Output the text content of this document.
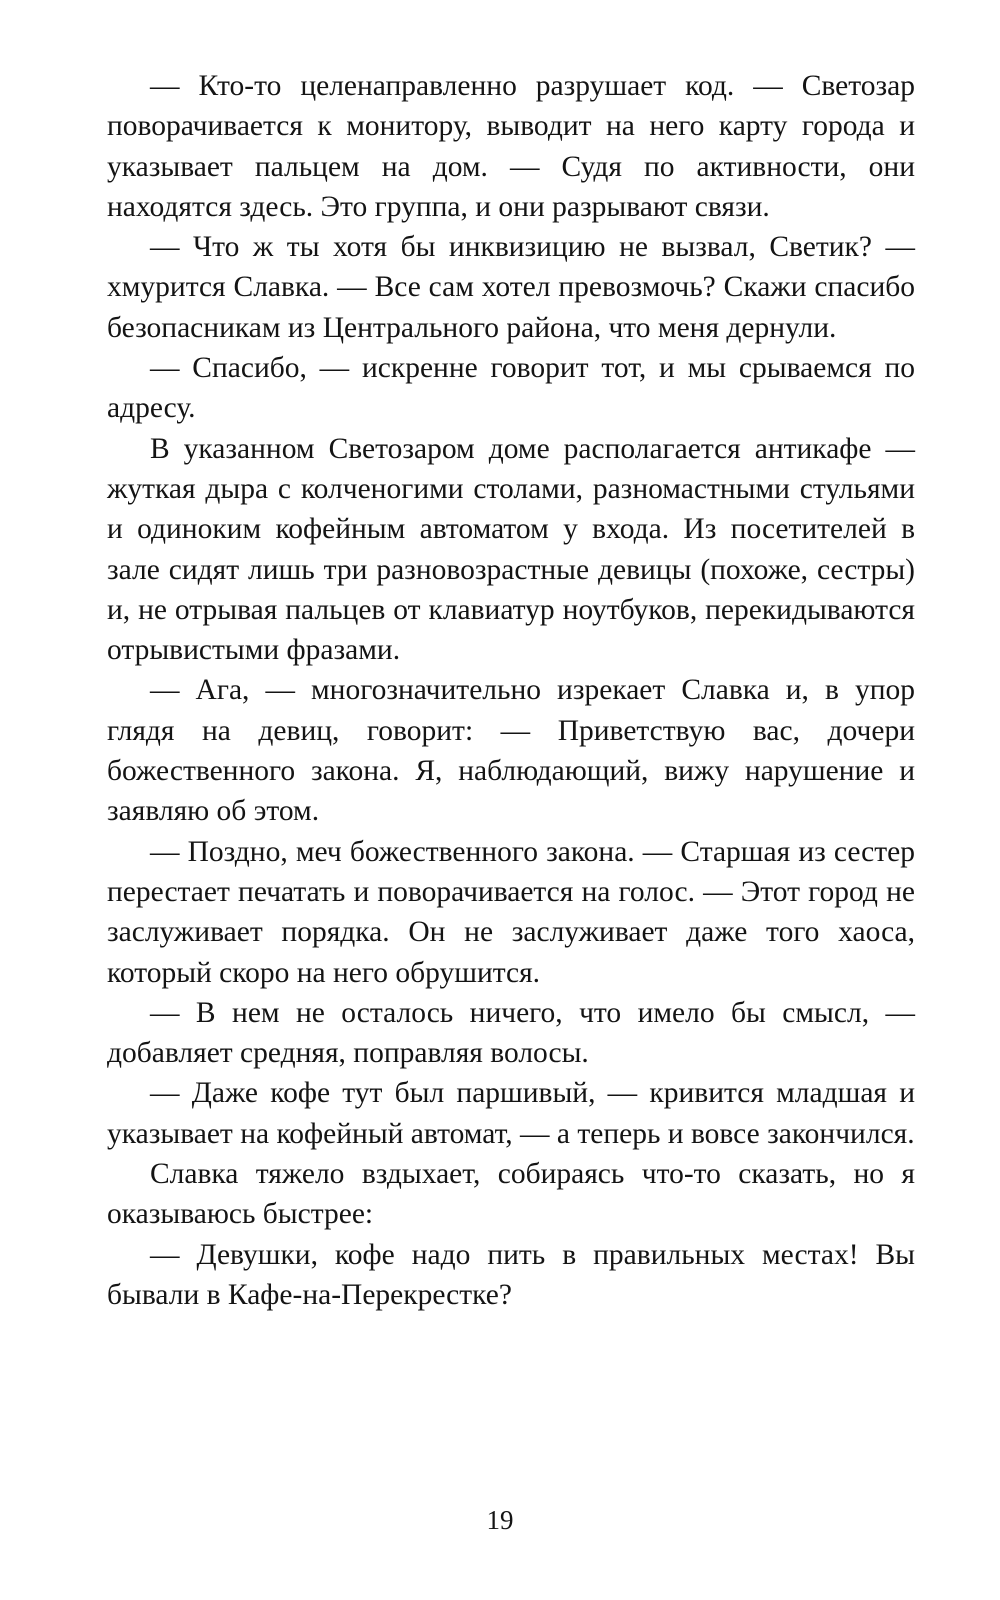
— Кто-то целенаправленно разрушает код. — Светозар поворачивается к монитору, выводит на него карту города и указывает пальцем на дом. — Судя по активности, они находятся здесь. Это группа, и они разрывают связи.

— Что ж ты хотя бы инквизицию не вызвал, Светик? — хмурится Славка. — Все сам хотел превозмочь? Скажи спасибо безопасникам из Центрального района, что меня дернули.

— Спасибо, — искренне говорит тот, и мы срываемся по адресу.

В указанном Светозаром доме располагается антикафе — жуткая дыра с колченогими столами, разномастными стульями и одиноким кофейным автоматом у входа. Из посетителей в зале сидят лишь три разновозрастные девицы (похоже, сестры) и, не отрывая пальцев от клавиатур ноутбуков, перекидываются отрывистыми фразами.

— Ага, — многозначительно изрекает Славка и, в упор глядя на девиц, говорит: — Приветствую вас, дочери божественного закона. Я, наблюдающий, вижу нарушение и заявляю об этом.

— Поздно, меч божественного закона. — Старшая из сестер перестает печатать и поворачивается на голос. — Этот город не заслуживает порядка. Он не заслуживает даже того хаоса, который скоро на него обрушится.

— В нем не осталось ничего, что имело бы смысл, — добавляет средняя, поправляя волосы.

— Даже кофе тут был паршивый, — кривится младшая и указывает на кофейный автомат, — а теперь и вовсе закончился.

Славка тяжело вздыхает, собираясь что-то сказать, но я оказываюсь быстрее:

— Девушки, кофе надо пить в правильных местах! Вы бывали в Кафе-на-Перекрестке?

19
